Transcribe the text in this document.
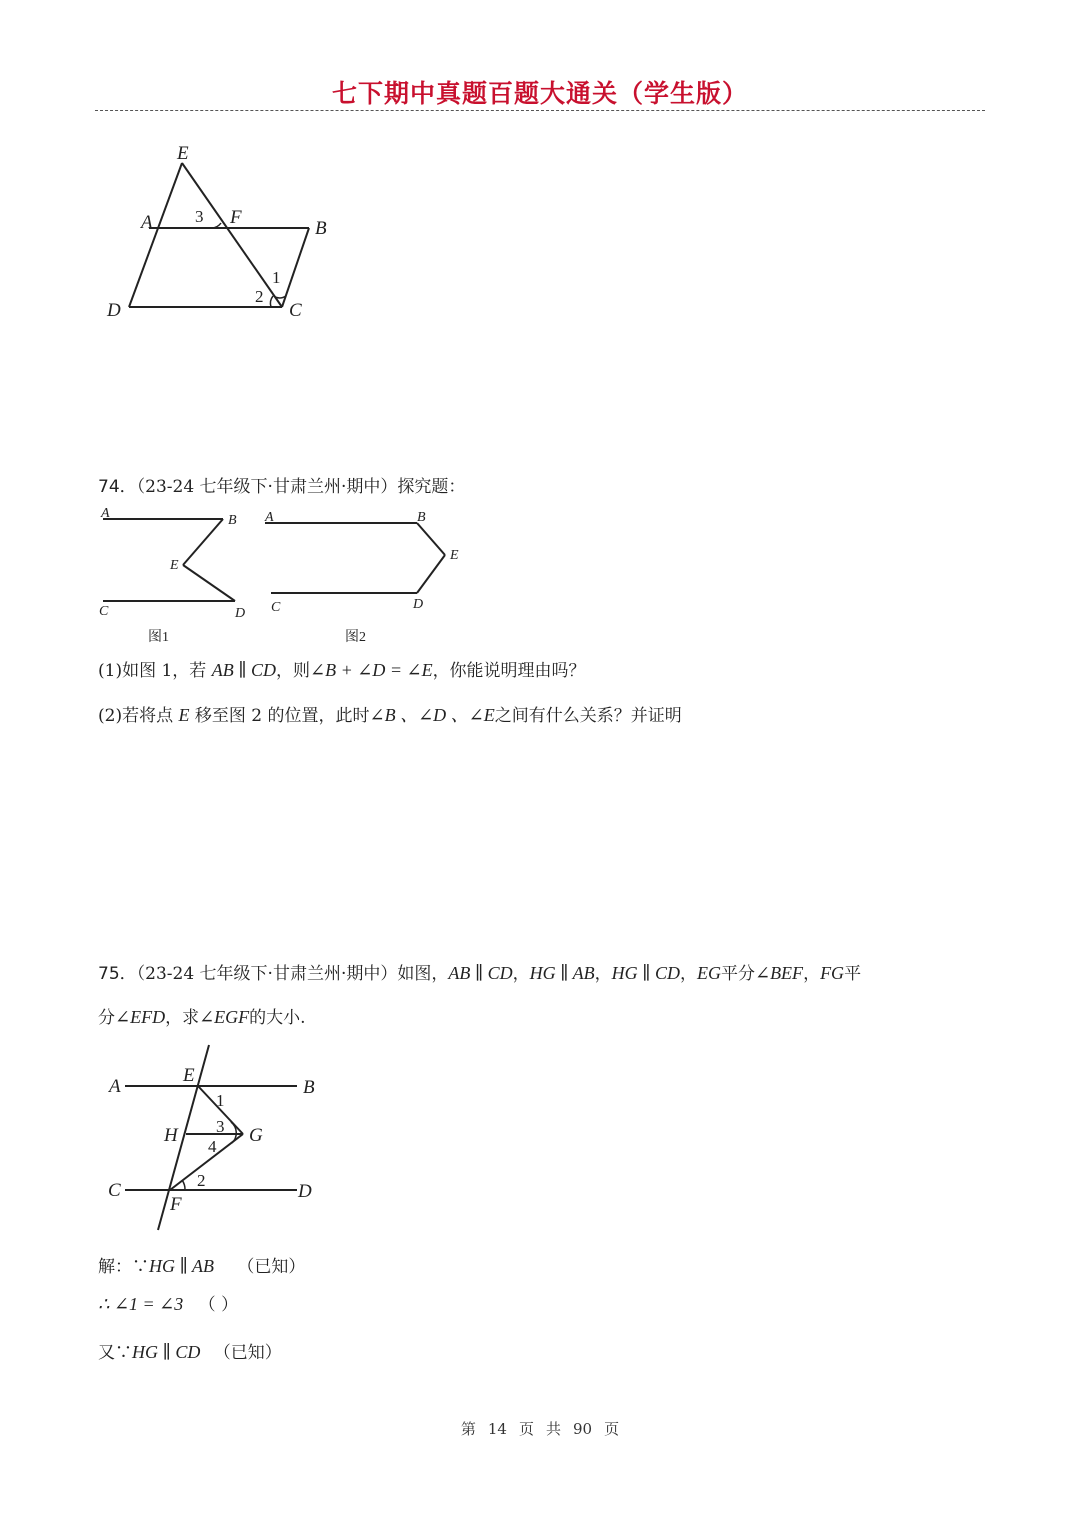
七下期中真题百题大通关（学生版）
E
A	F
B
D	C
3
2
1
74．（23-24 七年级下·甘肃兰州·期中）探究题：
A	B
E
C	D
图1
A	B
E
C	D
图2
(1)如图 1，若 AB ∥ CD，则∠B + ∠D = ∠E，你能说明理由吗？
(2)若将点 E 移至图 2 的位置，此时∠B 、∠D 、∠E之间有什么关系？并证明
75．（23-24 七年级下·甘肃兰州·期中）如图，AB ∥ CD，HG ∥ AB，HG ∥ CD，EG平分∠BEF，FG平
分∠EFD，求∠EGF的大小.
A
E
B
H	G
C
F
D
1
3
4
2
解：∵HG ∥ AB （已知）
∴ ∠1 = ∠3 （ ）
又∵HG ∥ CD （已知）
第 14 页 共 90 页
